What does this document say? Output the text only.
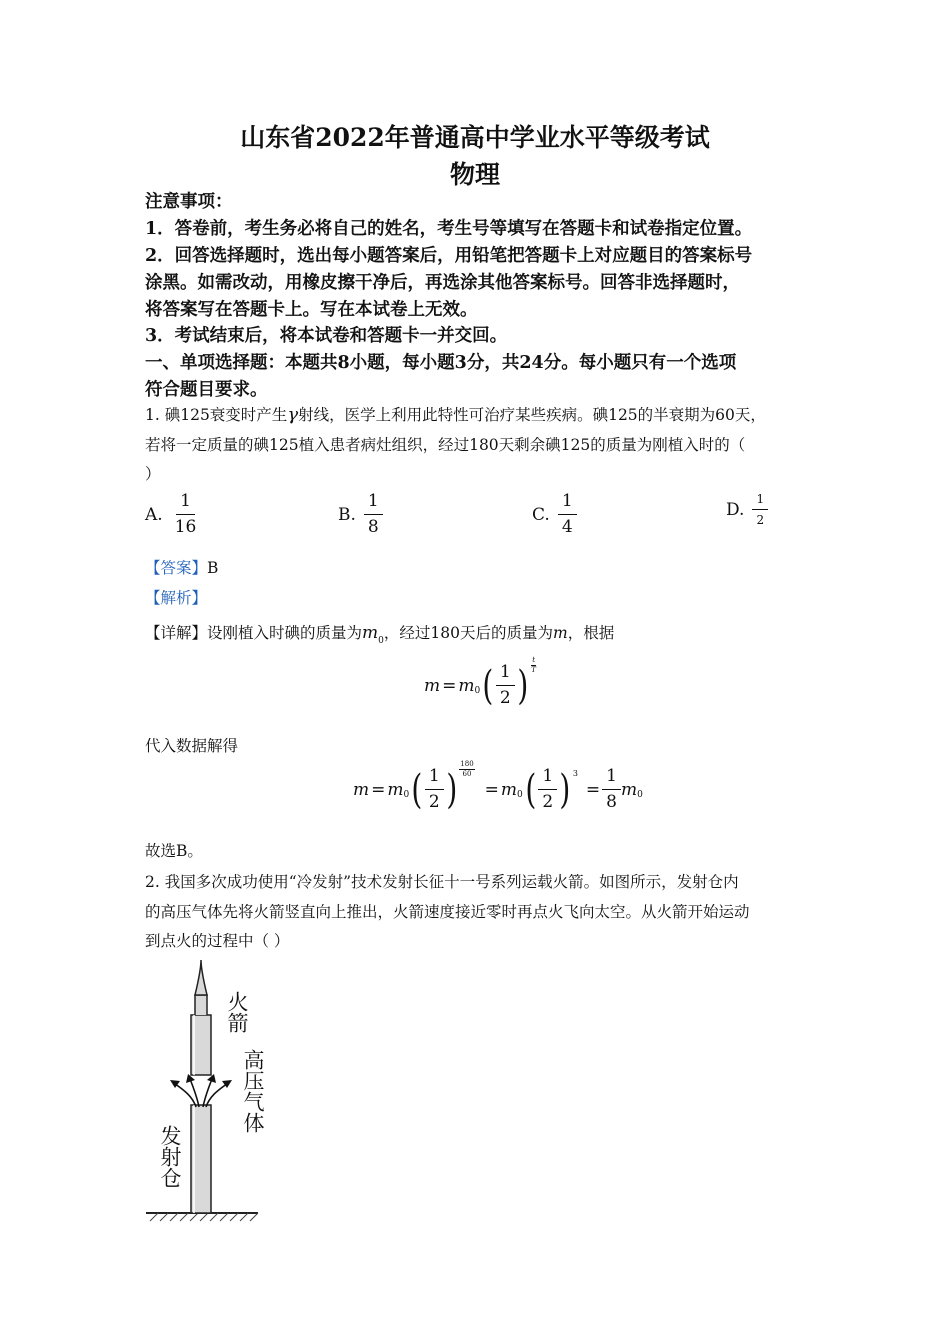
山东省2022年普通高中学业水平等级考试
物理
注意事项：
1．答卷前，考生务必将自己的姓名，考生号等填写在答题卡和试卷指定位置。
2．回答选择题时，选出每小题答案后，用铅笔把答题卡上对应题目的答案标号
涂黑。如需改动，用橡皮擦干净后，再选涂其他答案标号。回答非选择题时，
将答案写在答题卡上。写在本试卷上无效。
3．考试结束后，将本试卷和答题卡一并交回。
一、单项选择题：本题共8小题，每小题3分，共24分。每小题只有一个选项
符合题目要求。
1. 碘125衰变时产生γ射线，医学上利用此特性可治疗某些疾病。碘125的半衰期为60天，
若将一定质量的碘125植入患者病灶组织，经过180天剩余碘125的质量为刚植入时的（
）
A. $\frac{1}{16}$	B. $\frac{1}{8}$	C. $\frac{1}{4}$	D. $\frac{1}{2}$
【答案】B
【解析】
【详解】设刚植入时碘的质量为$m_0$，经过180天后的质量为m，根据
m = m 0 ( $\frac{1}{2}$ ) $\frac{t}{T}$
代入数据解得
m = m 0 ( $\frac{1}{2}$ ) $\frac{180}{60}$
= m 0 ( $\frac{1}{2}$ ) 3
= $\frac{1}{8}$ m 0
故选B。
2. 我国多次成功使用“冷发射”技术发射长征十一号系列运载火箭。如图所示，发射仓内
的高压气体先将火箭竖直向上推出，火箭速度接近零时再点火飞向太空。从火箭开始运动
到点火的过程中（ ）
火箭
高压气体
发射仓
